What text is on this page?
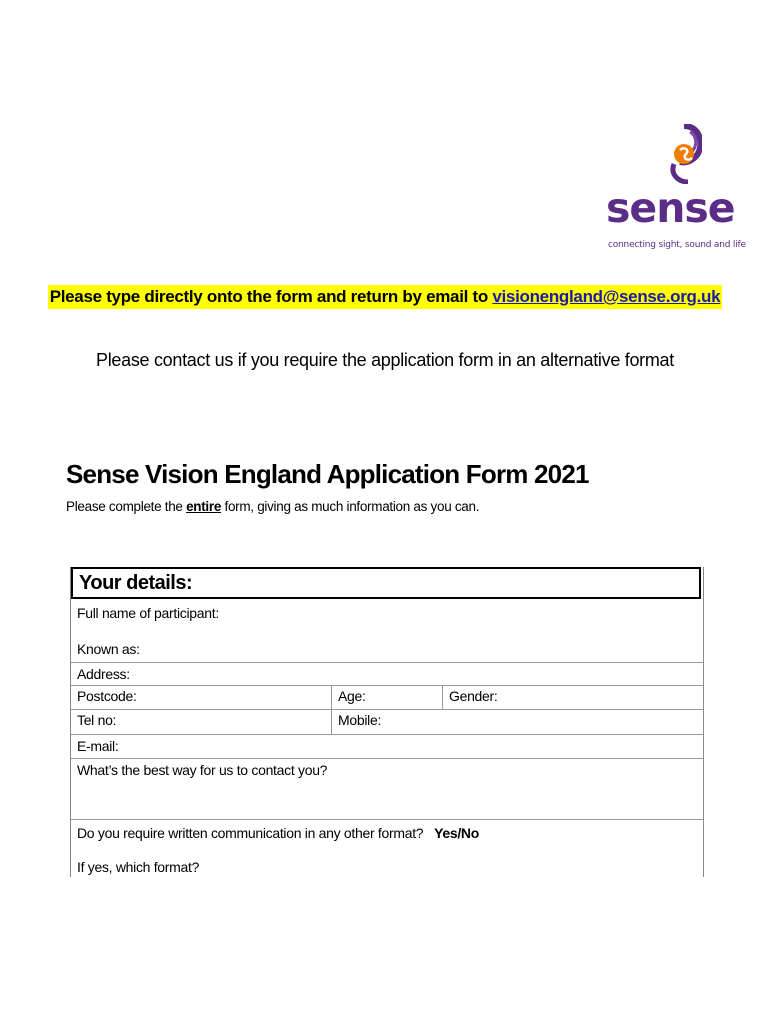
sense
connecting sight, sound and life
Please type directly onto the form and return by email to visionengland@sense.org.uk
Please contact us if you require the application form in an alternative format
Sense Vision England Application Form 2021
Please complete the entire form, giving as much information as you can.
Your details:
Full name of participant:
Known as:
Address:
Postcode:	Age:	Gender:
Tel no:	Mobile:
E-mail:
What’s the best way for us to contact you?
Do you require written communication in any other format? Yes/No
If yes, which format?
